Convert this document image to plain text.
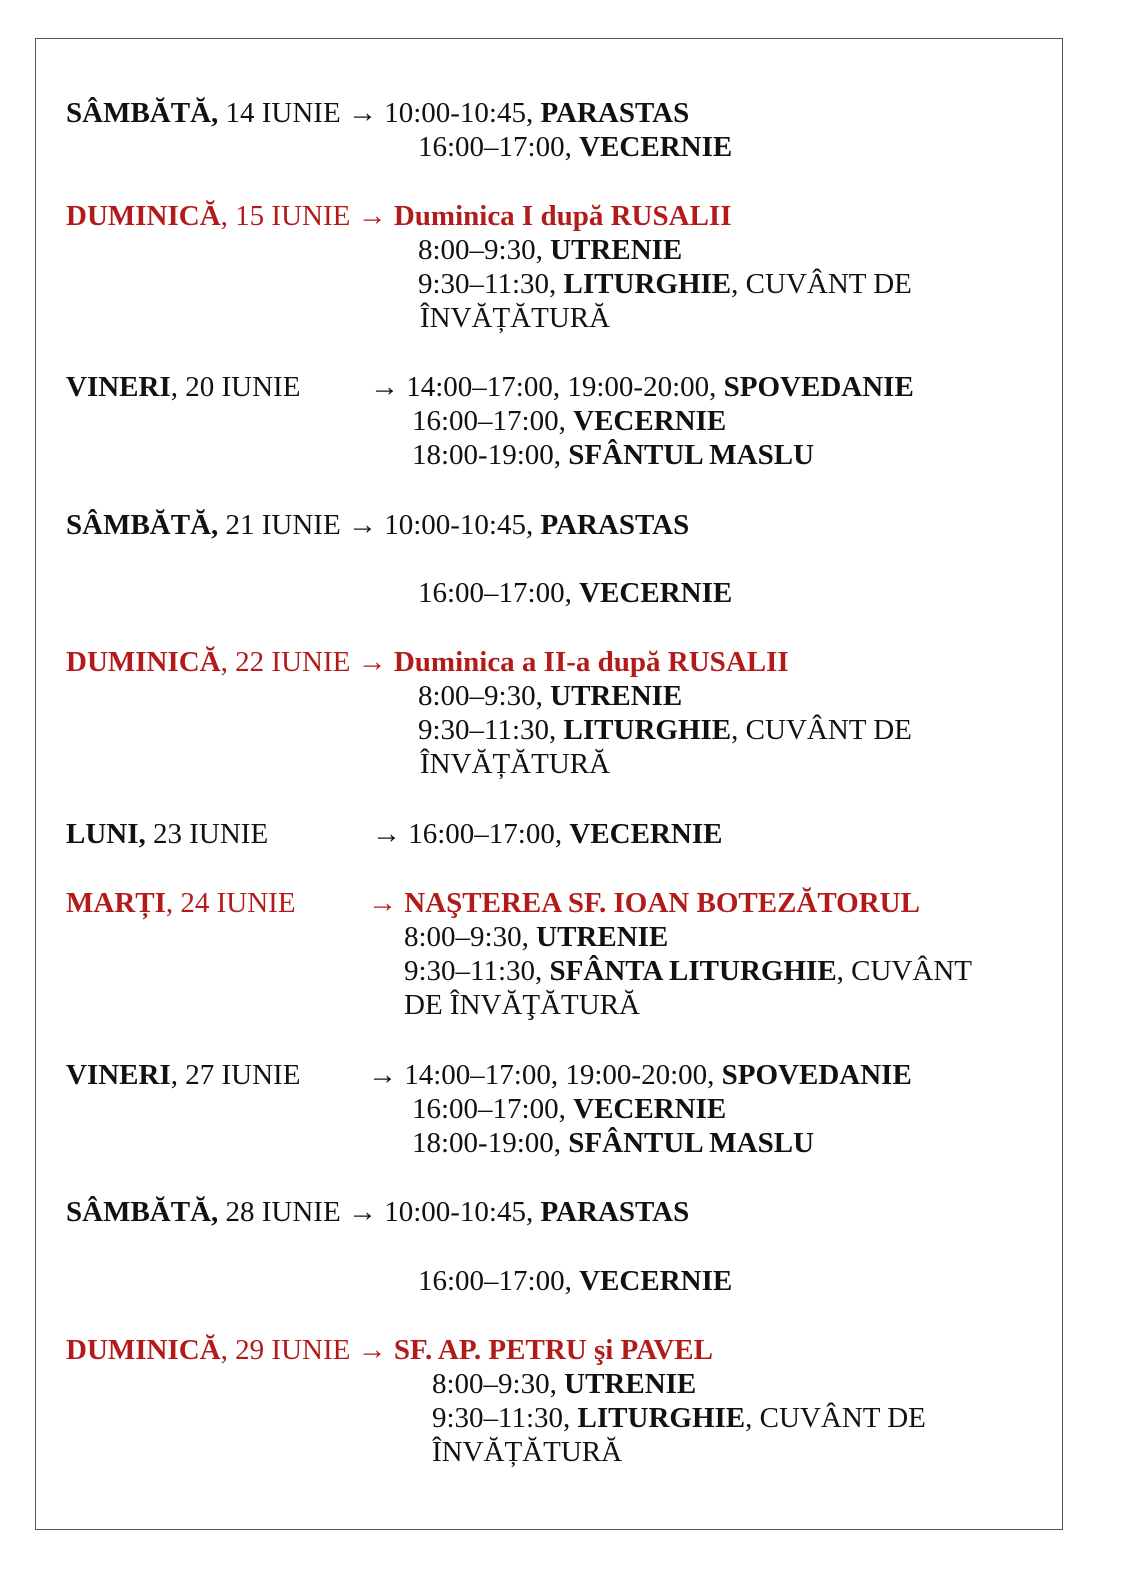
SÂMBĂTĂ, 14 IUNIE → 10:00-10:45, PARASTAS
16:00–17:00, VECERNIE
DUMINICĂ, 15 IUNIE → Duminica I după RUSALII
8:00–9:30, UTRENIE
9:30–11:30, LITURGHIE, CUVÂNT DE
ÎNVĂȚĂTURĂ
VINERI, 20 IUNIE → 14:00–17:00, 19:00-20:00, SPOVEDANIE
16:00–17:00, VECERNIE
18:00-19:00, SFÂNTUL MASLU
SÂMBĂTĂ, 21 IUNIE → 10:00-10:45, PARASTAS
16:00–17:00, VECERNIE
DUMINICĂ, 22 IUNIE → Duminica a II-a după RUSALII
8:00–9:30, UTRENIE
9:30–11:30, LITURGHIE, CUVÂNT DE
ÎNVĂȚĂTURĂ
LUNI, 23 IUNIE	→ 16:00–17:00, VECERNIE
MARȚI, 24 IUNIE → NAŞTEREA SF. IOAN BOTEZĂTORUL
8:00–9:30, UTRENIE
9:30–11:30, SFÂNTA LITURGHIE, CUVÂNT
DE ÎNVĂŢĂTURĂ
VINERI, 27 IUNIE → 14:00–17:00, 19:00-20:00, SPOVEDANIE
16:00–17:00, VECERNIE
18:00-19:00, SFÂNTUL MASLU
SÂMBĂTĂ, 28 IUNIE → 10:00-10:45, PARASTAS
16:00–17:00, VECERNIE
DUMINICĂ, 29 IUNIE → SF. AP. PETRU şi PAVEL
8:00–9:30, UTRENIE
9:30–11:30, LITURGHIE, CUVÂNT DE
ÎNVĂȚĂTURĂ
